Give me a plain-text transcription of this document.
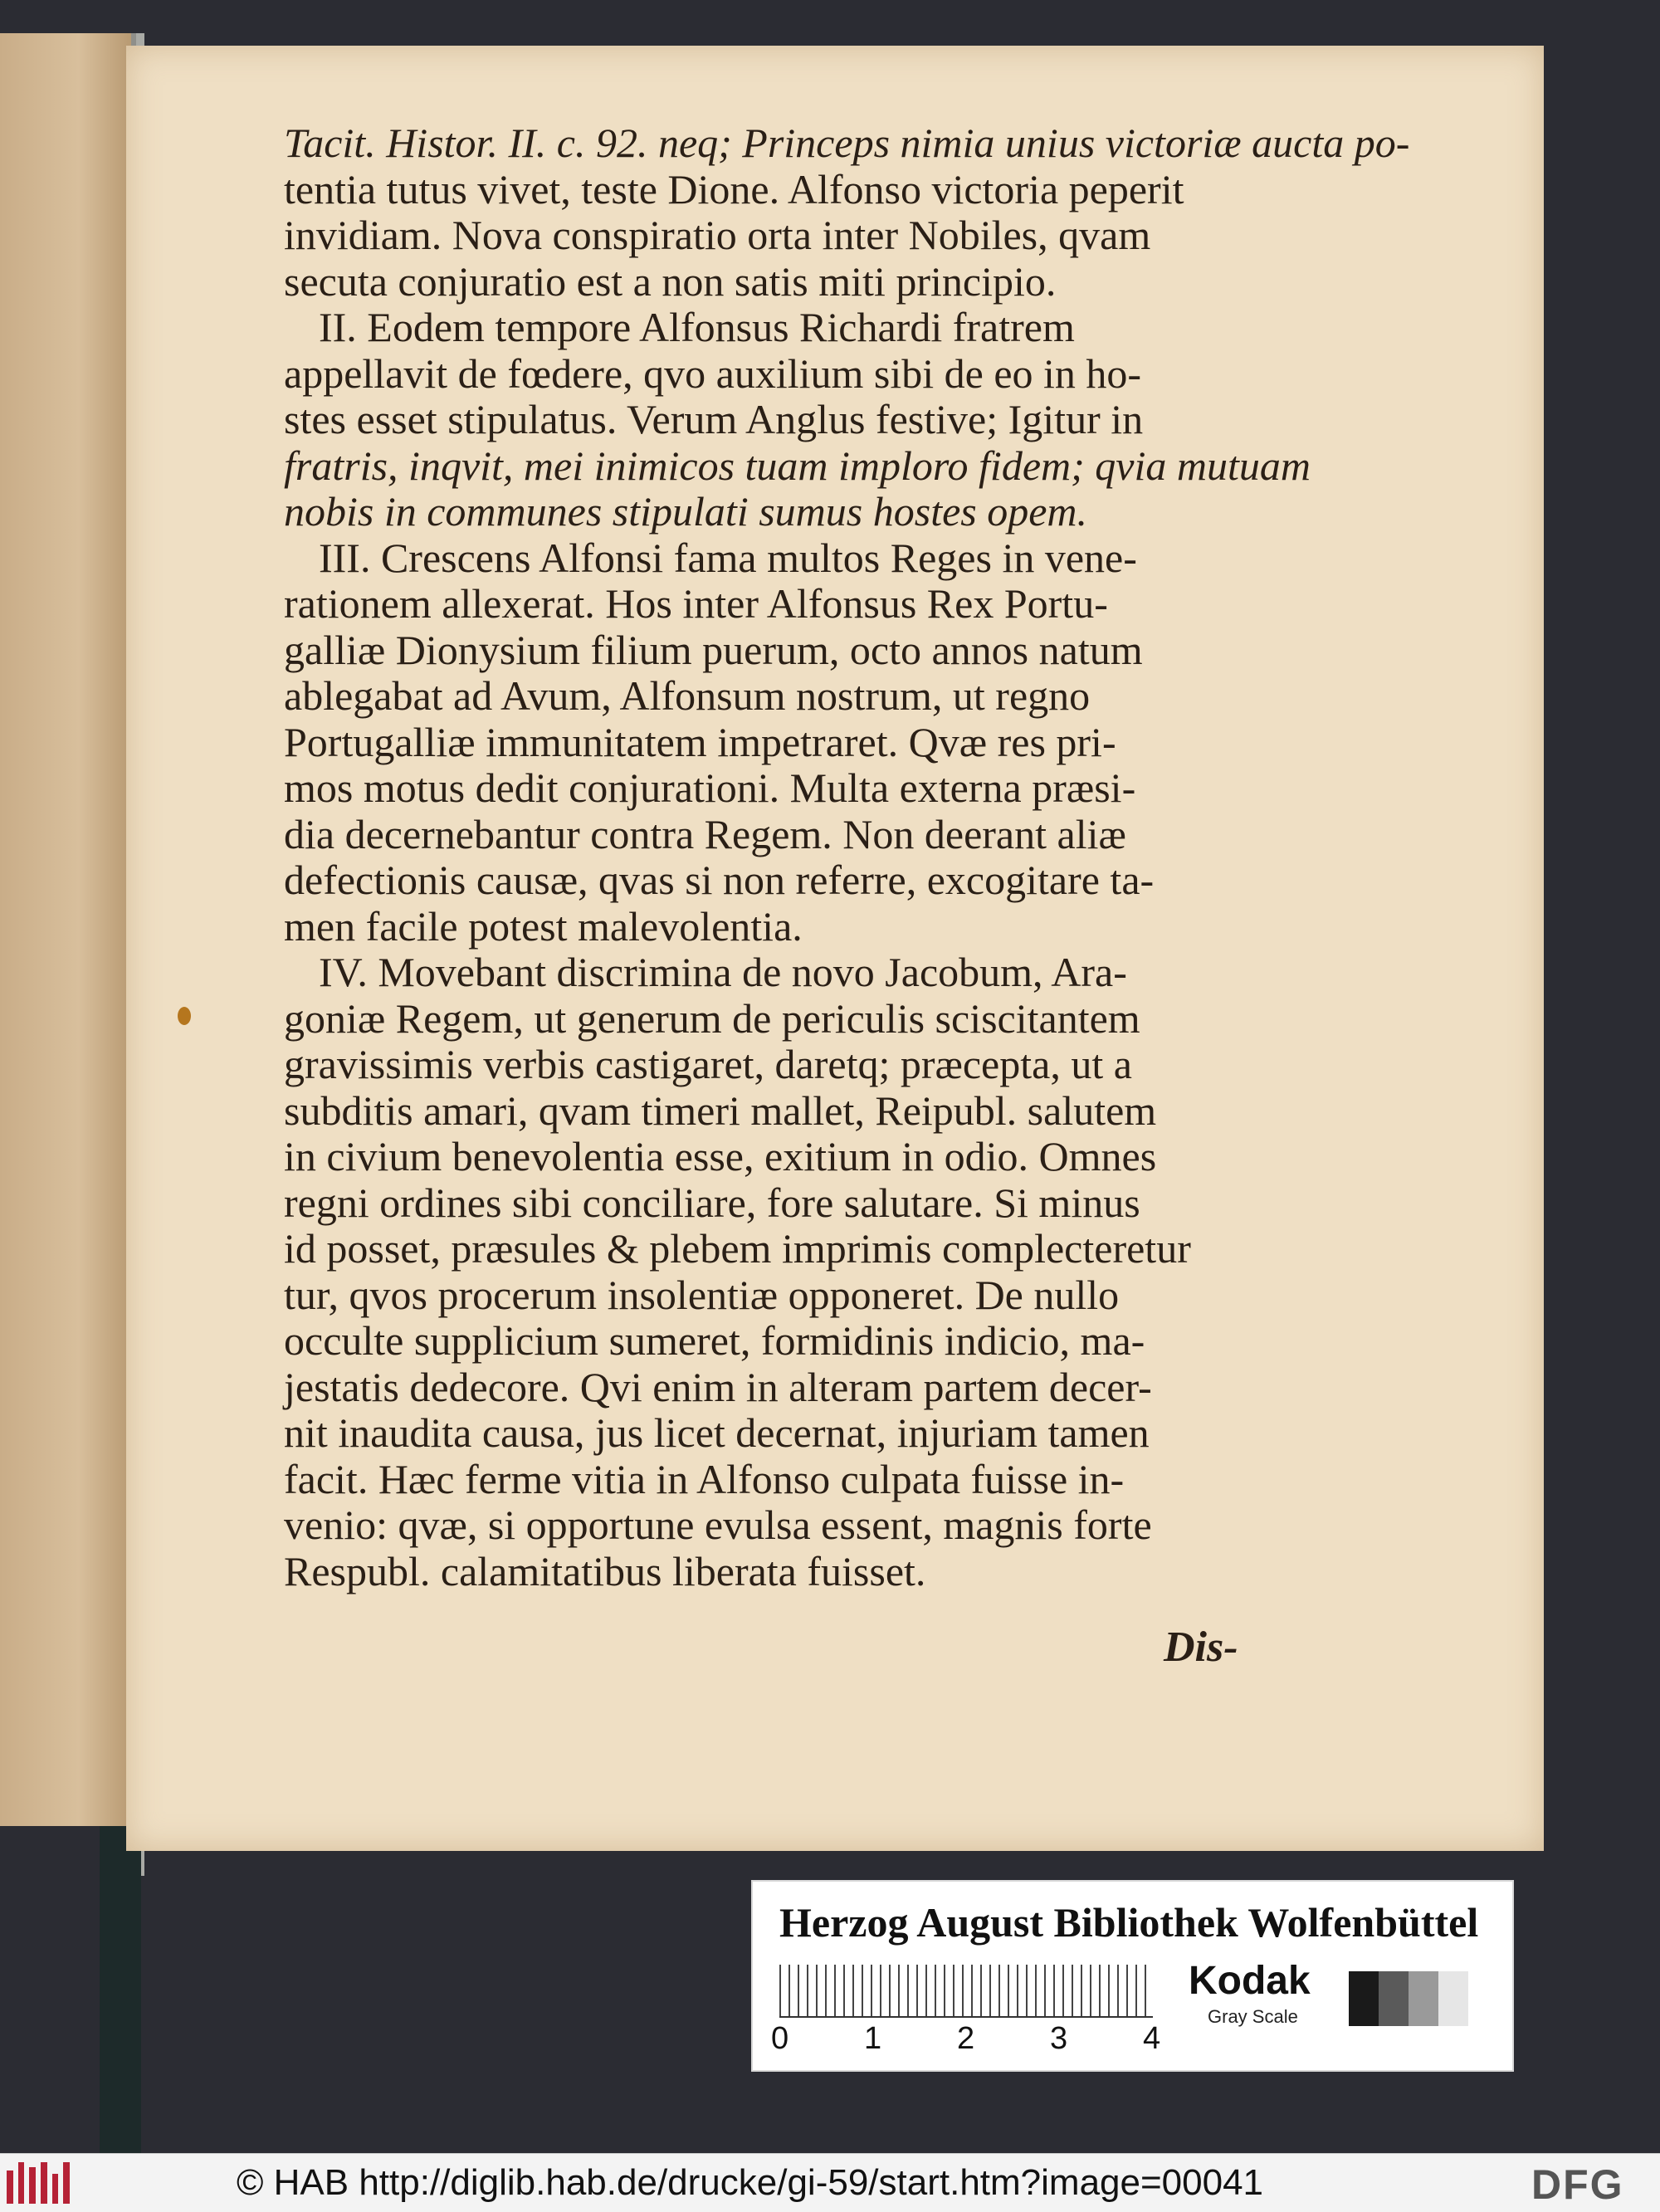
Tacit. Histor. II. c. 92. neq; Princeps nimia unius victoriæ aucta po-
tentia tutus vivet, teste Dione. Alfonso victoria peperit
invidiam. Nova conspiratio orta inter Nobiles, qvam
secuta conjuratio est a non satis miti principio.
II. Eodem tempore Alfonsus Richardi fratrem
appellavit de fœdere, qvo auxilium sibi de eo in ho-
stes esset stipulatus. Verum Anglus festive; Igitur in
fratris, inqvit, mei inimicos tuam imploro fidem; qvia mutuam
nobis in communes stipulati sumus hostes opem.
III. Crescens Alfonsi fama multos Reges in vene-
rationem allexerat. Hos inter Alfonsus Rex Portu-
galliæ Dionysium filium puerum, octo annos natum
ablegabat ad Avum, Alfonsum nostrum, ut regno
Portugalliæ immunitatem impetraret. Qvæ res pri-
mos motus dedit conjurationi. Multa externa præsi-
dia decernebantur contra Regem. Non deerant aliæ
defectionis causæ, qvas si non referre, excogitare ta-
men facile potest malevolentia.
IV. Movebant discrimina de novo Jacobum, Ara-
goniæ Regem, ut generum de periculis sciscitantem
gravissimis verbis castigaret, daretq; præcepta, ut a
subditis amari, qvam timeri mallet, Reipubl. salutem
in civium benevolentia esse, exitium in odio. Omnes
regni ordines sibi conciliare, fore salutare. Si minus
id posset, præsules & plebem imprimis complecteretur
tur, qvos procerum insolentiæ opponeret. De nullo
occulte supplicium sumeret, formidinis indicio, ma-
jestatis dedecore. Qvi enim in alteram partem decer-
nit inaudita causa, jus licet decernat, injuriam tamen
facit. Hæc ferme vitia in Alfonso culpata fuisse in-
venio: qvæ, si opportune evulsa essent, magnis forte
Respubl. calamitatibus liberata fuisset.
Dis-
Herzog August Bibliothek Wolfenbüttel
0 1 2 3 4
Kodak
Gray Scale
© HAB http://diglib.hab.de/drucke/gi-59/start.htm?image=00041	DFG
